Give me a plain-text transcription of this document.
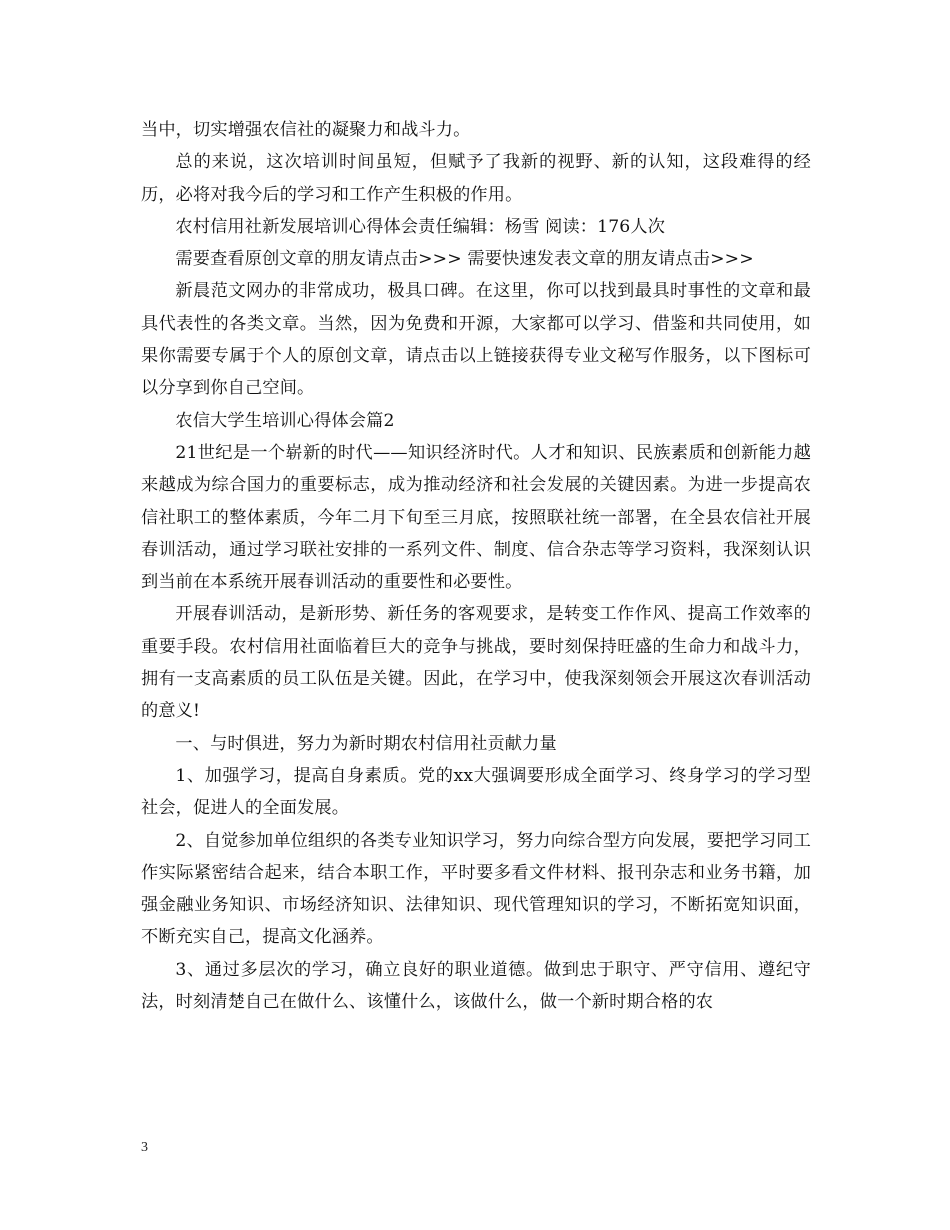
当中，切实增强农信社的凝聚力和战斗力。

总的来说，这次培训时间虽短，但赋予了我新的视野、新的认知，这段难得的经历，必将对我今后的学习和工作产生积极的作用。

农村信用社新发展培训心得体会责任编辑：杨雪 阅读：176人次

需要查看原创文章的朋友请点击>>> 需要快速发表文章的朋友请点击>>>

新晨范文网办的非常成功，极具口碑。在这里，你可以找到最具时事性的文章和最具代表性的各类文章。当然，因为免费和开源，大家都可以学习、借鉴和共同使用，如果你需要专属于个人的原创文章，请点击以上链接获得专业文秘写作服务，以下图标可以分享到你自己空间。

农信大学生培训心得体会篇2

21世纪是一个崭新的时代——知识经济时代。人才和知识、民族素质和创新能力越来越成为综合国力的重要标志，成为推动经济和社会发展的关键因素。为进一步提高农信社职工的整体素质，今年二月下旬至三月底，按照联社统一部署，在全县农信社开展春训活动，通过学习联社安排的一系列文件、制度、信合杂志等学习资料，我深刻认识到当前在本系统开展春训活动的重要性和必要性。

开展春训活动，是新形势、新任务的客观要求，是转变工作作风、提高工作效率的重要手段。农村信用社面临着巨大的竞争与挑战，要时刻保持旺盛的生命力和战斗力，拥有一支高素质的员工队伍是关键。因此，在学习中，使我深刻领会开展这次春训活动的意义!

一、与时俱进，努力为新时期农村信用社贡献力量

1、加强学习，提高自身素质。党的xx大强调要形成全面学习、终身学习的学习型社会，促进人的全面发展。

2、自觉参加单位组织的各类专业知识学习，努力向综合型方向发展，要把学习同工作实际紧密结合起来，结合本职工作，平时要多看文件材料、报刊杂志和业务书籍，加强金融业务知识、市场经济知识、法律知识、现代管理知识的学习，不断拓宽知识面，不断充实自己，提高文化涵养。

3、通过多层次的学习，确立良好的职业道德。做到忠于职守、严守信用、遵纪守法，时刻清楚自己在做什么、该懂什么，该做什么，做一个新时期合格的农

3
